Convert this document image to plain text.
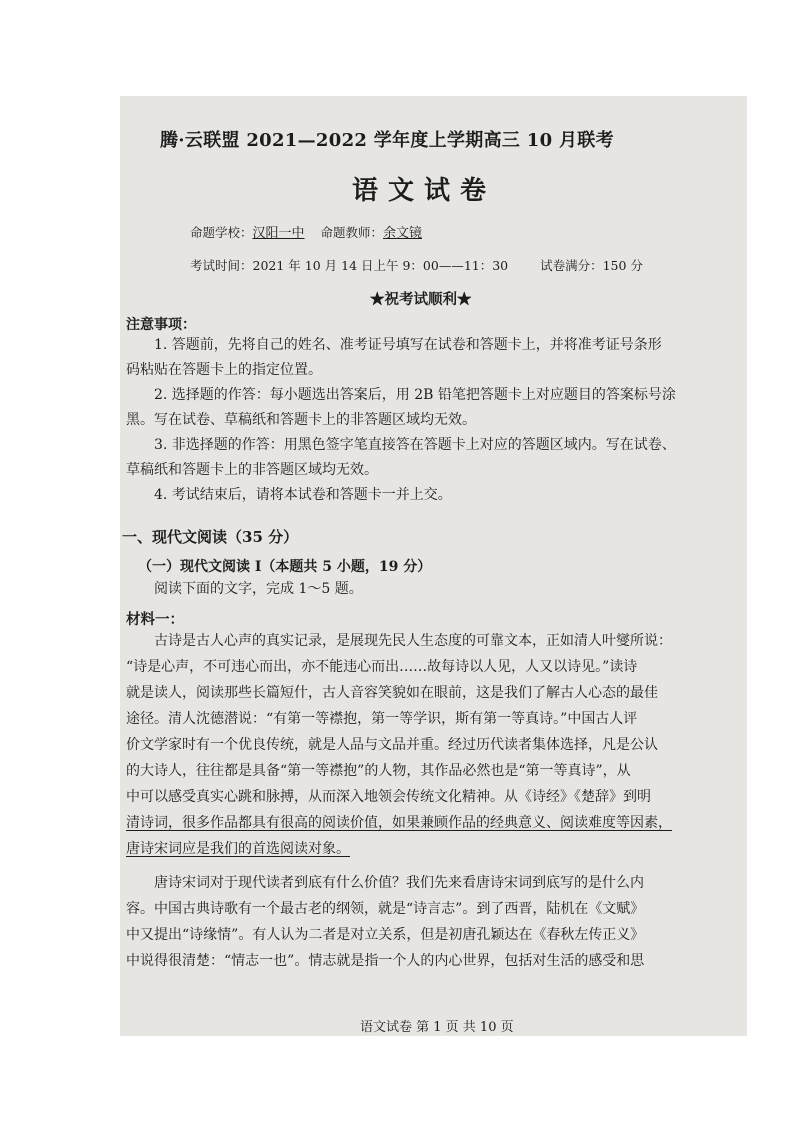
腾·云联盟 2021—2022 学年度上学期高三 10 月联考
语文试卷
命题学校：汉阳一中 命题教师：余文镜
考试时间：2021 年 10 月 14 日上午 9：00——11：30	试卷满分：150 分
★祝考试顺利★
注意事项：
1. 答题前，先将自己的姓名、准考证号填写在试卷和答题卡上，并将准考证号条形
码粘贴在答题卡上的指定位置。
2. 选择题的作答：每小题选出答案后，用 2B 铅笔把答题卡上对应题目的答案标号涂
黑。写在试卷、草稿纸和答题卡上的非答题区域均无效。
3. 非选择题的作答：用黑色签字笔直接答在答题卡上对应的答题区域内。写在试卷、
草稿纸和答题卡上的非答题区域均无效。
4. 考试结束后，请将本试卷和答题卡一并上交。
一、现代文阅读（35 分）
（一）现代文阅读 Ⅰ（本题共 5 小题，19 分）
阅读下面的文字，完成 1～5 题。
材料一：
古诗是古人心声的真实记录，是展现先民人生态度的可靠文本，正如清人叶燮所说：
“诗是心声，不可违心而出，亦不能违心而出……故每诗以人见，人又以诗见。”读诗
就是读人，阅读那些长篇短什，古人音容笑貌如在眼前，这是我们了解古人心态的最佳
途径。清人沈德潜说：“有第一等襟抱，第一等学识，斯有第一等真诗。”中国古人评
价文学家时有一个优良传统，就是人品与文品并重。经过历代读者集体选择，凡是公认
的大诗人，往往都是具备“第一等襟抱”的人物，其作品必然也是“第一等真诗”，从
中可以感受真实心跳和脉搏，从而深入地领会传统文化精神。从《诗经》《楚辞》到明
清诗词，很多作品都具有很高的阅读价值，如果兼顾作品的经典意义、阅读难度等因素，
唐诗宋词应是我们的首选阅读对象。
唐诗宋词对于现代读者到底有什么价值？我们先来看唐诗宋词到底写的是什么内
容。中国古典诗歌有一个最古老的纲领，就是“诗言志”。到了西晋，陆机在《文赋》
中又提出“诗缘情”。有人认为二者是对立关系，但是初唐孔颖达在《春秋左传正义》
中说得很清楚：“情志一也”。情志就是指一个人的内心世界，包括对生活的感受和思
语文试卷 第 1 页 共 10 页
